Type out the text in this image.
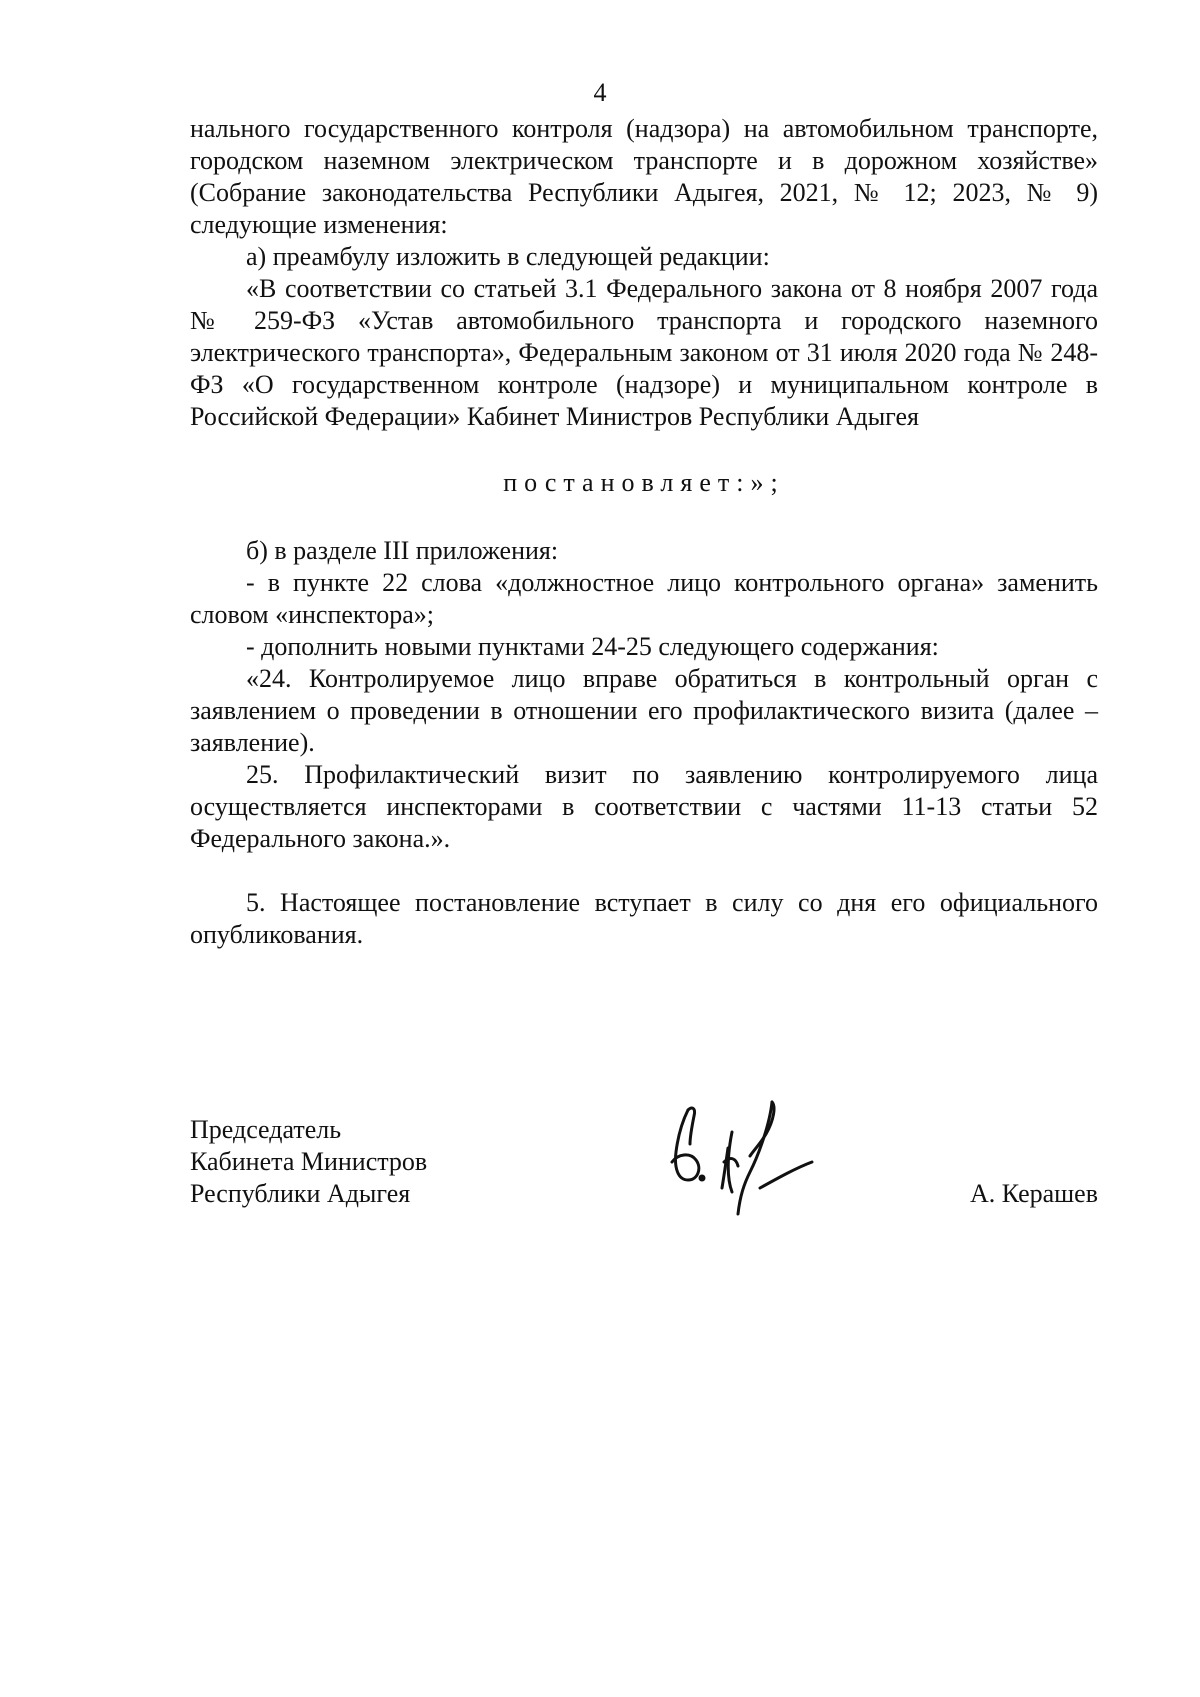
4

нального государственного контроля (надзора) на автомобильном транспорте, городском наземном электрическом транспорте и в дорожном хозяйстве» (Собрание законодательства Республики Адыгея, 2021, № 12; 2023, № 9) следующие изменения:

а) преамбулу изложить в следующей редакции:

«В соответствии со статьей 3.1 Федерального закона от 8 ноября 2007 года № 259-ФЗ «Устав автомобильного транспорта и городского наземного электрического транспорта», Федеральным законом от 31 июля 2020 года № 248-ФЗ «О государственном контроле (надзоре) и муниципальном контроле в Российской Федерации» Кабинет Министров Республики Адыгея

постановляет:»;

б) в разделе III приложения:

- в пункте 22 слова «должностное лицо контрольного органа» заменить словом «инспектора»;

- дополнить новыми пунктами 24-25 следующего содержания:

«24. Контролируемое лицо вправе обратиться в контрольный орган с заявлением о проведении в отношении его профилактического визита (далее – заявление).

25. Профилактический визит по заявлению контролируемого лица осуществляется инспекторами в соответствии с частями 11-13 статьи 52 Федерального закона.».

5. Настоящее постановление вступает в силу со дня его официального опубликования.

Председатель
Кабинета Министров
Республики Адыгея	А. Керашев
